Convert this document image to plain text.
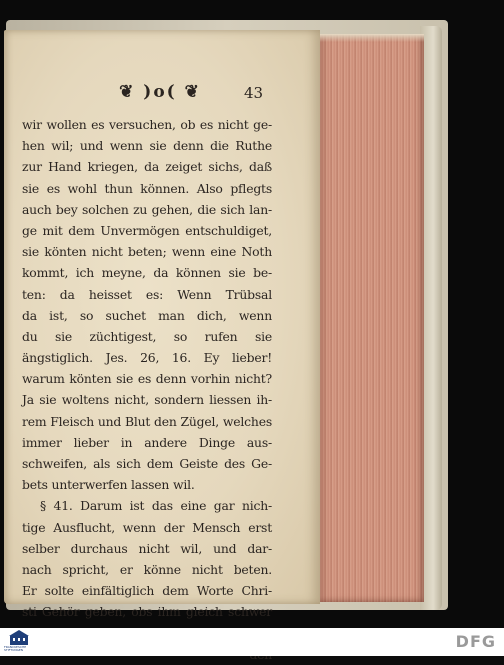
❦ )o( ❦	43
wir wollen es versuchen, ob es nicht ge-
hen wil; und wenn sie denn die Ruthe
zur Hand kriegen, da zeiget sichs, daß
sie es wohl thun können. Also pflegts
auch bey solchen zu gehen, die sich lan-
ge mit dem Unvermögen entschuldiget,
sie könten nicht beten; wenn eine Noth
kommt, ich meyne, da können sie be-
ten: da heisset es: Wenn Trübsal
da ist, so suchet man dich, wenn
du sie züchtigest, so rufen sie
ängstiglich. Jes. 26, 16. Ey lieber!
warum könten sie es denn vorhin nicht?
Ja sie woltens nicht, sondern liessen ih-
rem Fleisch und Blut den Zügel, welches
immer lieber in andere Dinge aus-
schweifen, als sich dem Geiste des Ge-
bets unterwerfen lassen wil.
§ 41. Darum ist das eine gar nich-
tige Ausflucht, wenn der Mensch erst
selber durchaus nicht wil, und dar-
nach spricht, er könne nicht beten.
Er solte einfältiglich dem Worte Chri-
sti Gehör geben, obs ihm gleich schwer
FRANCKESCHE STIFTUNGEN	DFG
